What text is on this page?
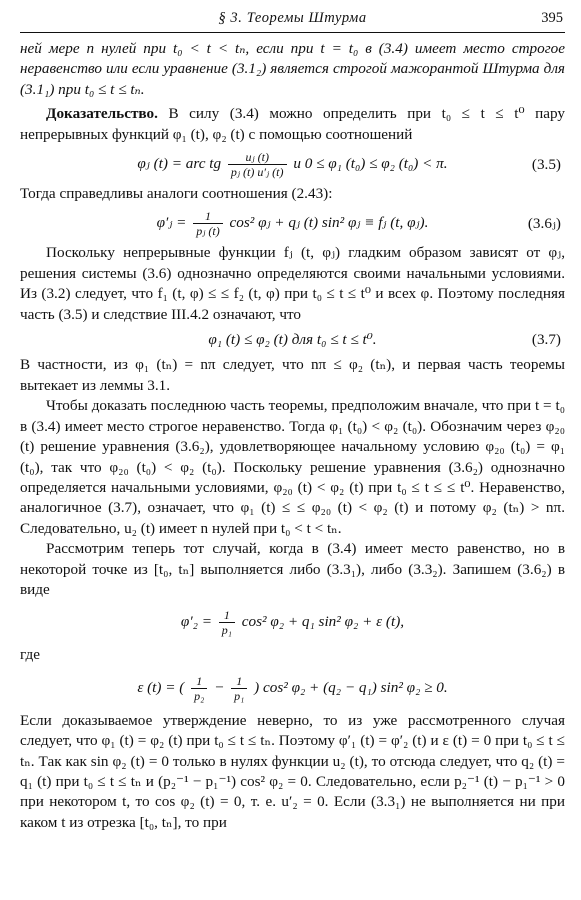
§ 3. Теоремы Штурма	395

ней мере n нулей при t₀ < t < tₙ, если при t = t₀ в (3.4) имеет место строгое неравенство или если уравнение (3.1₂) является строгой мажорантой Штурма для (3.1₁) при t₀ ≤ t ≤ tₙ.

Доказательство. В силу (3.4) можно определить при t₀ ≤ t ≤ t⁰ пару непрерывных функций φ₁ (t), φ₂ (t) с помощью соотношений

φⱼ (t) = arc tg $\frac{\text{uⱼ (t)}}{\text{pⱼ (t) u′ⱼ (t)}}$ и 0 ≤ φ₁ (t₀) ≤ φ₂ (t₀) < π.	(3.5)

Тогда справедливы аналоги соотношения (2.43):

φ′ⱼ = $\frac{1}{\text{pⱼ (t)}} \cos^2$ φⱼ + qⱼ (t) sin² φⱼ ≡ fⱼ (t, φⱼ).	(3.6ⱼ)

Поскольку непрерывные функции fⱼ (t, φⱼ) гладким образом зависят от φⱼ, решения системы (3.6) однозначно определяются своими начальными условиями. Из (3.2) следует, что f₁ (t, φ) ≤ ≤ f₂ (t, φ) при t₀ ≤ t ≤ t⁰ и всех φ. Поэтому последняя часть (3.5) и следствие III.4.2 означают, что

φ₁ (t) ≤ φ₂ (t) для t₀ ≤ t ≤ t⁰.	(3.7)

В частности, из φ₁ (tₙ) = nπ следует, что nπ ≤ φ₂ (tₙ), и первая часть теоремы вытекает из леммы 3.1.

Чтобы доказать последнюю часть теоремы, предположим вначале, что при t = t₀ в (3.4) имеет место строгое неравенство. Тогда φ₁ (t₀) < φ₂ (t₀). Обозначим через φ₂₀ (t) решение уравнения (3.6₂), удовлетворяющее начальному условию φ₂₀ (t₀) = φ₁ (t₀), так что φ₂₀ (t₀) < φ₂ (t₀). Поскольку решение уравнения (3.6₂) однозначно определяется начальными условиями, φ₂₀ (t) < φ₂ (t) при t₀ ≤ t ≤ ≤ t⁰. Неравенство, аналогичное (3.7), означает, что φ₁ (t) ≤ ≤ φ₂₀ (t) < φ₂ (t) и потому φ₂ (tₙ) > nπ. Следовательно, u₂ (t) имеет n нулей при t₀ < t < tₙ.

Рассмотрим теперь тот случай, когда в (3.4) имеет место равенство, но в некоторой точке из [t₀, tₙ] выполняется либо (3.3₁), либо (3.3₂). Запишем (3.6₂) в виде

$\varphi'_2 = \frac{1}{\text{p₁}} \cos^2$ φ₂ + q₁ sin² φ₂ + ε (t),

где

ε (t) = ( $\frac{1}{\text{p₂}} - \frac{1}{\text{p₁}}$ ) cos² φ₂ + (q₂ − q₁) sin² φ₂ ≥ 0.

Если доказываемое утверждение неверно, то из уже рассмотренного случая следует, что φ₁ (t) = φ₂ (t) при t₀ ≤ t ≤ tₙ. Поэтому φ′₁ (t) = φ′₂ (t) и ε (t) = 0 при t₀ ≤ t ≤ tₙ. Так как sin φ₂ (t) = 0 только в нулях функции u₂ (t), то отсюда следует, что q₂ (t) = q₁ (t) при t₀ ≤ t ≤ tₙ и (p₂⁻¹ − p₁⁻¹) cos² φ₂ = 0. Следовательно, если p₂⁻¹ (t) − p₁⁻¹ > 0 при некотором t, то cos φ₂ (t) = 0, т. е. u′₂ = 0. Если (3.3₁) не выполняется ни при каком t из отрезка [t₀, tₙ], то при
